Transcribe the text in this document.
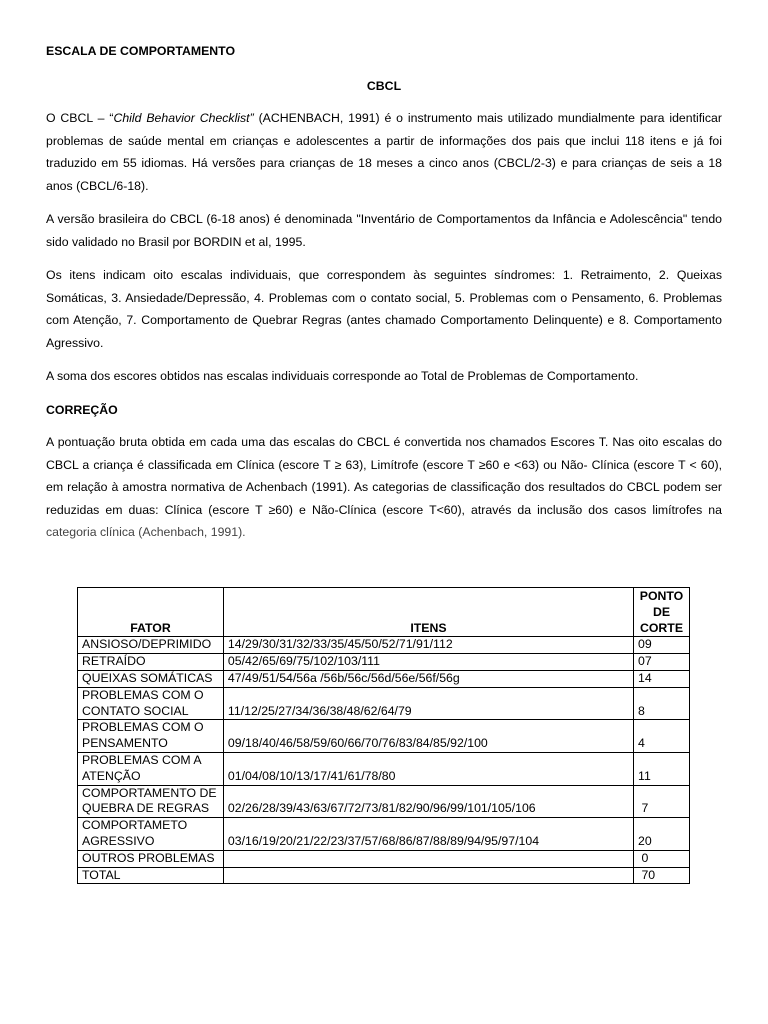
ESCALA DE COMPORTAMENTO
CBCL

O CBCL – “Child Behavior Checklist” (ACHENBACH, 1991) é o instrumento mais utilizado mundialmente para identificar problemas de saúde mental em crianças e adolescentes a partir de informações dos pais que inclui 118 itens e já foi traduzido em 55 idiomas. Há versões para crianças de 18 meses a cinco anos (CBCL/2-3) e para crianças de seis a 18 anos (CBCL/6-18).

A versão brasileira do CBCL (6-18 anos) é denominada "Inventário de Comportamentos da Infância e Adolescência" tendo sido validado no Brasil por BORDIN et al, 1995.

Os itens indicam oito escalas individuais, que correspondem às seguintes síndromes: 1. Retraimento, 2. Queixas Somáticas, 3. Ansiedade/Depressão, 4. Problemas com o contato social, 5. Problemas com o Pensamento, 6. Problemas com Atenção, 7. Comportamento de Quebrar Regras (antes chamado Comportamento Delinquente) e 8. Comportamento Agressivo.

A soma dos escores obtidos nas escalas individuais corresponde ao Total de Problemas de Comportamento.

CORREÇÃO

A pontuação bruta obtida em cada uma das escalas do CBCL é convertida nos chamados Escores T. Nas oito escalas do CBCL a criança é classificada em Clínica (escore T ≥ 63), Limítrofe (escore T ≥60 e <63) ou Não- Clínica (escore T < 60), em relação à amostra normativa de Achenbach (1991). As categorias de classificação dos resultados do CBCL podem ser reduzidas em duas: Clínica (escore T ≥60) e Não-Clínica (escore T<60), através da inclusão dos casos limítrofes na categoria clínica (Achenbach, 1991).

FATOR	ITENS	PONTO
DE
CORTE

ANSIOSO/DEPRIMIDO	14/29/30/31/32/33/35/45/50/52/71/91/112	09
RETRAÍDO	05/42/65/69/75/102/103/111	07
QUEIXAS SOMÁTICAS	47/49/51/54/56a /56b/56c/56d/56e/56f/56g	14

PROBLEMAS COM O
CONTATO SOCIAL	11/12/25/27/34/36/38/48/62/64/79	8

PROBLEMAS COM O
PENSAMENTO	09/18/40/46/58/59/60/66/70/76/83/84/85/92/100	4

PROBLEMAS COM A
ATENÇÃO	01/04/08/10/13/17/41/61/78/80	11

COMPORTAMENTO DE
QUEBRA DE REGRAS	02/26/28/39/43/63/67/72/73/81/82/90/96/99/101/105/106	7

COMPORTAMETO
AGRESSIVO	03/16/19/20/21/22/23/37/57/68/86/87/88/89/94/95/97/104	20
OUTROS PROBLEMAS		0
TOTAL		70
